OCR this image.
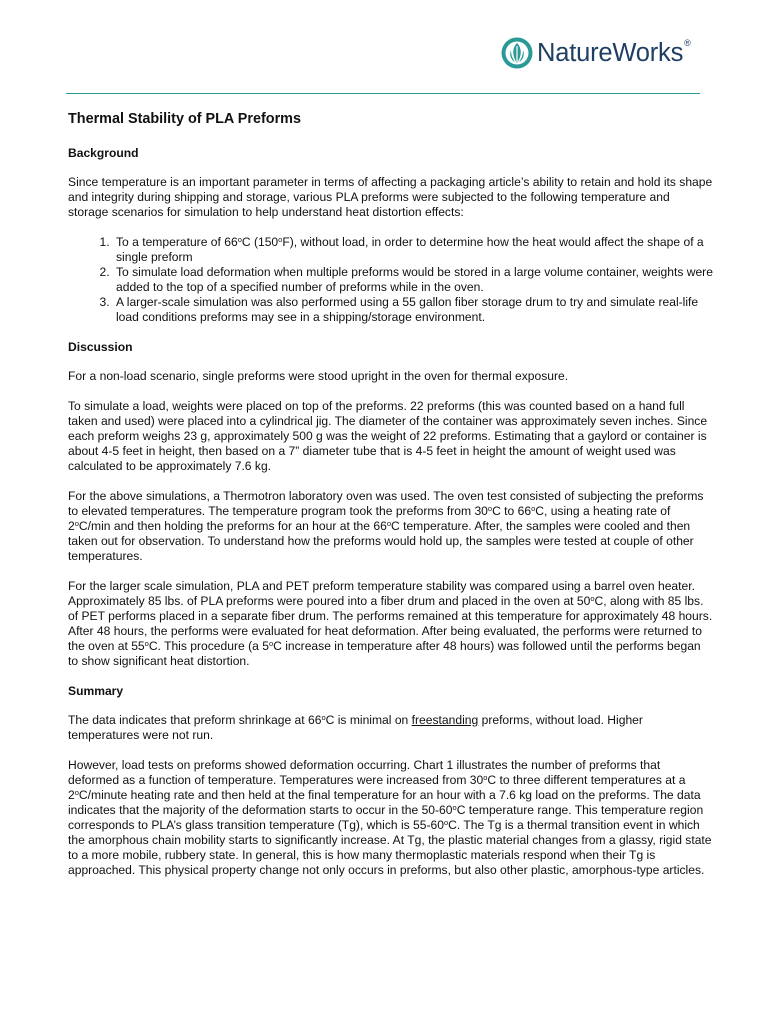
NatureWorks ®
Thermal Stability of PLA Preforms
Background

Since temperature is an important parameter in terms of affecting a packaging article’s ability to retain and hold its shape and integrity during shipping and storage, various PLA preforms were subjected to the following temperature and storage scenarios for simulation to help understand heat distortion effects:

1. To a temperature of 66$^o$C (150$^o$F), without load, in order to determine how the heat would affect the shape of a single preform
2. To simulate load deformation when multiple preforms would be stored in a large volume container, weights were added to the top of a specified number of preforms while in the oven.
3. A larger-scale simulation was also performed using a 55 gallon fiber storage drum to try and simulate real-life load conditions preforms may see in a shipping/storage environment.
Discussion

For a non-load scenario, single preforms were stood upright in the oven for thermal exposure.

To simulate a load, weights were placed on top of the preforms. 22 preforms (this was counted based on a hand full taken and used) were placed into a cylindrical jig. The diameter of the container was approximately seven inches. Since each preform weighs 23 g, approximately 500 g was the weight of 22 preforms. Estimating that a gaylord or container is about 4-5 feet in height, then based on a 7” diameter tube that is 4-5 feet in height the amount of weight used was calculated to be approximately 7.6 kg.

For the above simulations, a Thermotron laboratory oven was used. The oven test consisted of subjecting the preforms to elevated temperatures. The temperature program took the preforms from 30$^o$C to 66$^o$C, using a heating rate of 2$^o$C/min and then holding the preforms for an hour at the 66$^o$C temperature. After, the samples were cooled and then taken out for observation. To understand how the preforms would hold up, the samples were tested at couple of other temperatures.

For the larger scale simulation, PLA and PET preform temperature stability was compared using a barrel oven heater. Approximately 85 lbs. of PLA preforms were poured into a fiber drum and placed in the oven at 50$^o$C, along with 85 lbs. of PET performs placed in a separate fiber drum. The performs remained at this temperature for approximately 48 hours. After 48 hours, the performs were evaluated for heat deformation. After being evaluated, the performs were returned to the oven at 55$^o$C. This procedure (a 5$^o$C increase in temperature after 48 hours) was followed until the performs began to show significant heat distortion.

Summary

The data indicates that preform shrinkage at 66$^o$C is minimal on freestanding preforms, without load. Higher temperatures were not run.

However, load tests on preforms showed deformation occurring. Chart 1 illustrates the number of preforms that deformed as a function of temperature. Temperatures were increased from 30$^o$C to three different temperatures at a 2$^o$C/minute heating rate and then held at the final temperature for an hour with a 7.6 kg load on the preforms. The data indicates that the majority of the deformation starts to occur in the 50-60$^o$C temperature range. This temperature region corresponds to PLA’s glass transition temperature (Tg), which is 55-60$^o$C. The Tg is a thermal transition event in which the amorphous chain mobility starts to significantly increase. At Tg, the plastic material changes from a glassy, rigid state to a more mobile, rubbery state. In general, this is how many thermoplastic materials respond when their Tg is approached. This physical property change not only occurs in preforms, but also other plastic, amorphous-type articles.
